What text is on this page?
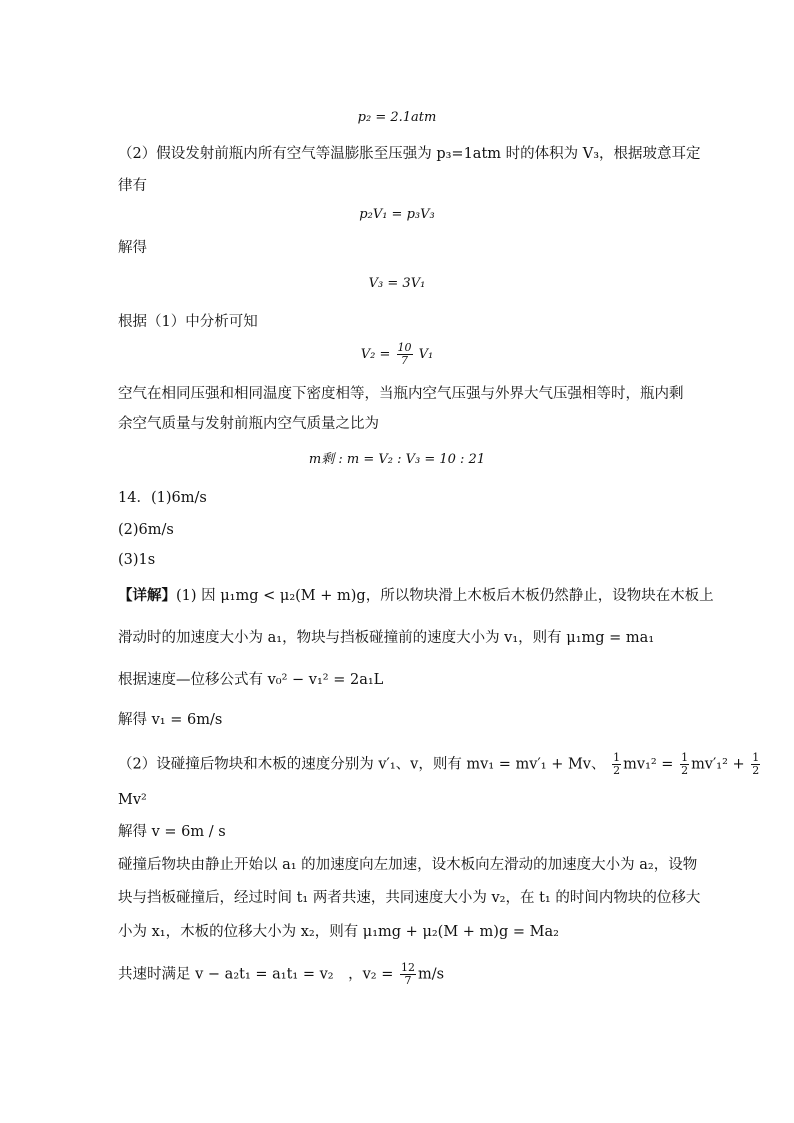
p₂ = 2.1atm
（2）假设发射前瓶内所有空气等温膨胀至压强为 p₃=1atm 时的体积为 V₃，根据玻意耳定
律有
p₂V₁ = p₃V₃
解得
V₃ = 3V₁
根据（1）中分析可知
$V_2 = \frac{10}{7} V_1$
空气在相同压强和相同温度下密度相等，当瓶内空气压强与外界大气压强相等时，瓶内剩
余空气质量与发射前瓶内空气质量之比为
m剩 : m = V₂ : V₃ = 10 : 21
14．(1)6m/s
(2)6m/s
(3)1s
【详解】(1) 因 μ₁mg < μ₂(M + m)g，所以物块滑上木板后木板仍然静止，设物块在木板上
滑动时的加速度大小为 a₁，物块与挡板碰撞前的速度大小为 v₁，则有 μ₁mg = ma₁
根据速度—位移公式有 v₀² − v₁² = 2a₁L
解得 v₁ = 6m/s
（2）设碰撞后物块和木板的速度分别为 v′₁、v，则有 mv₁ = mv′₁ + Mv、 $\frac{1}{2} mv_1^2 = \frac{1}{2} mv'_1^2 + \frac{1}{2}$
Mv²
解得 v = 6m / s
碰撞后物块由静止开始以 a₁ 的加速度向左加速，设木板向左滑动的加速度大小为 a₂，设物
块与挡板碰撞后，经过时间 t₁ 两者共速，共同速度大小为 v₂，在 t₁ 的时间内物块的位移大
小为 x₁，木板的位移大小为 x₂，则有 μ₁mg + μ₂(M + m)g = Ma₂
共速时满足 v − a₂t₁ = a₁t₁ = v₂　，$v_2 = \frac{12}{7} m/s$
